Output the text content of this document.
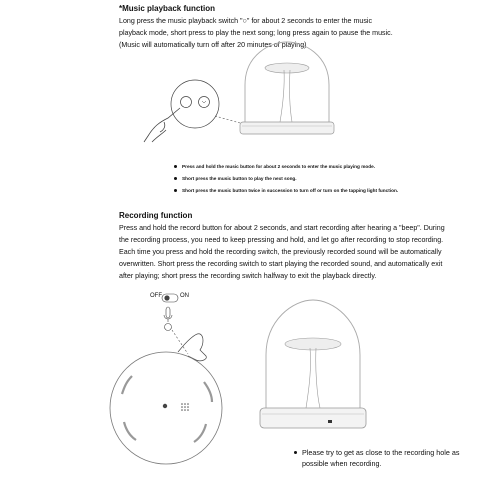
*Music playback function
Long press the music playback switch "○" for about 2 seconds to enter the music playback mode, short press to play the next song; long press again to pause the music. (Music will automatically turn off after 20 minutes of playing)
Press and hold the music button for about 2 seconds to enter the music playing mode.
Short press the music button to play the next song.
Short press the music button twice in succession to turn off or turn on the tapping light function.
Recording function
Press and hold the record button for about 2 seconds, and start recording after hearing a "beep". During the recording process, you need to keep pressing and hold, and let go after recording to stop recording. Each time you press and hold the recording switch, the previously recorded sound will be automatically overwritten. Short press the recording switch to start playing the recorded sound, and automatically exit after playing; short press the recording switch halfway to exit the playback directly.
OFF	ON
Please try to get as close to the recording hole as possible when recording.
